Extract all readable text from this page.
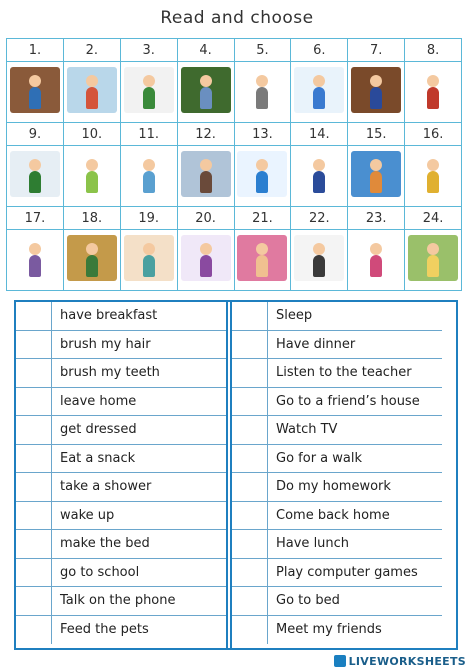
Read and choose
1.	2.	3.	4.	5.	6.	7.	8.

9.	10.	11.	12.	13.	14.	15.	16.

17.	18.	19.	20.	21.	22.	23.	24.

have breakfast
brush my hair
brush my teeth
leave home
get dressed
Eat a snack
take a shower
wake up
make the bed
go to school
Talk on the phone
Feed the pets
Sleep
Have dinner
Listen to the teacher
Go to a friend’s house
Watch TV
Go for a walk
Do my homework
Come back home
Have lunch
Play computer games
Go to bed
Meet my friends
LIVEWORKSHEETS
